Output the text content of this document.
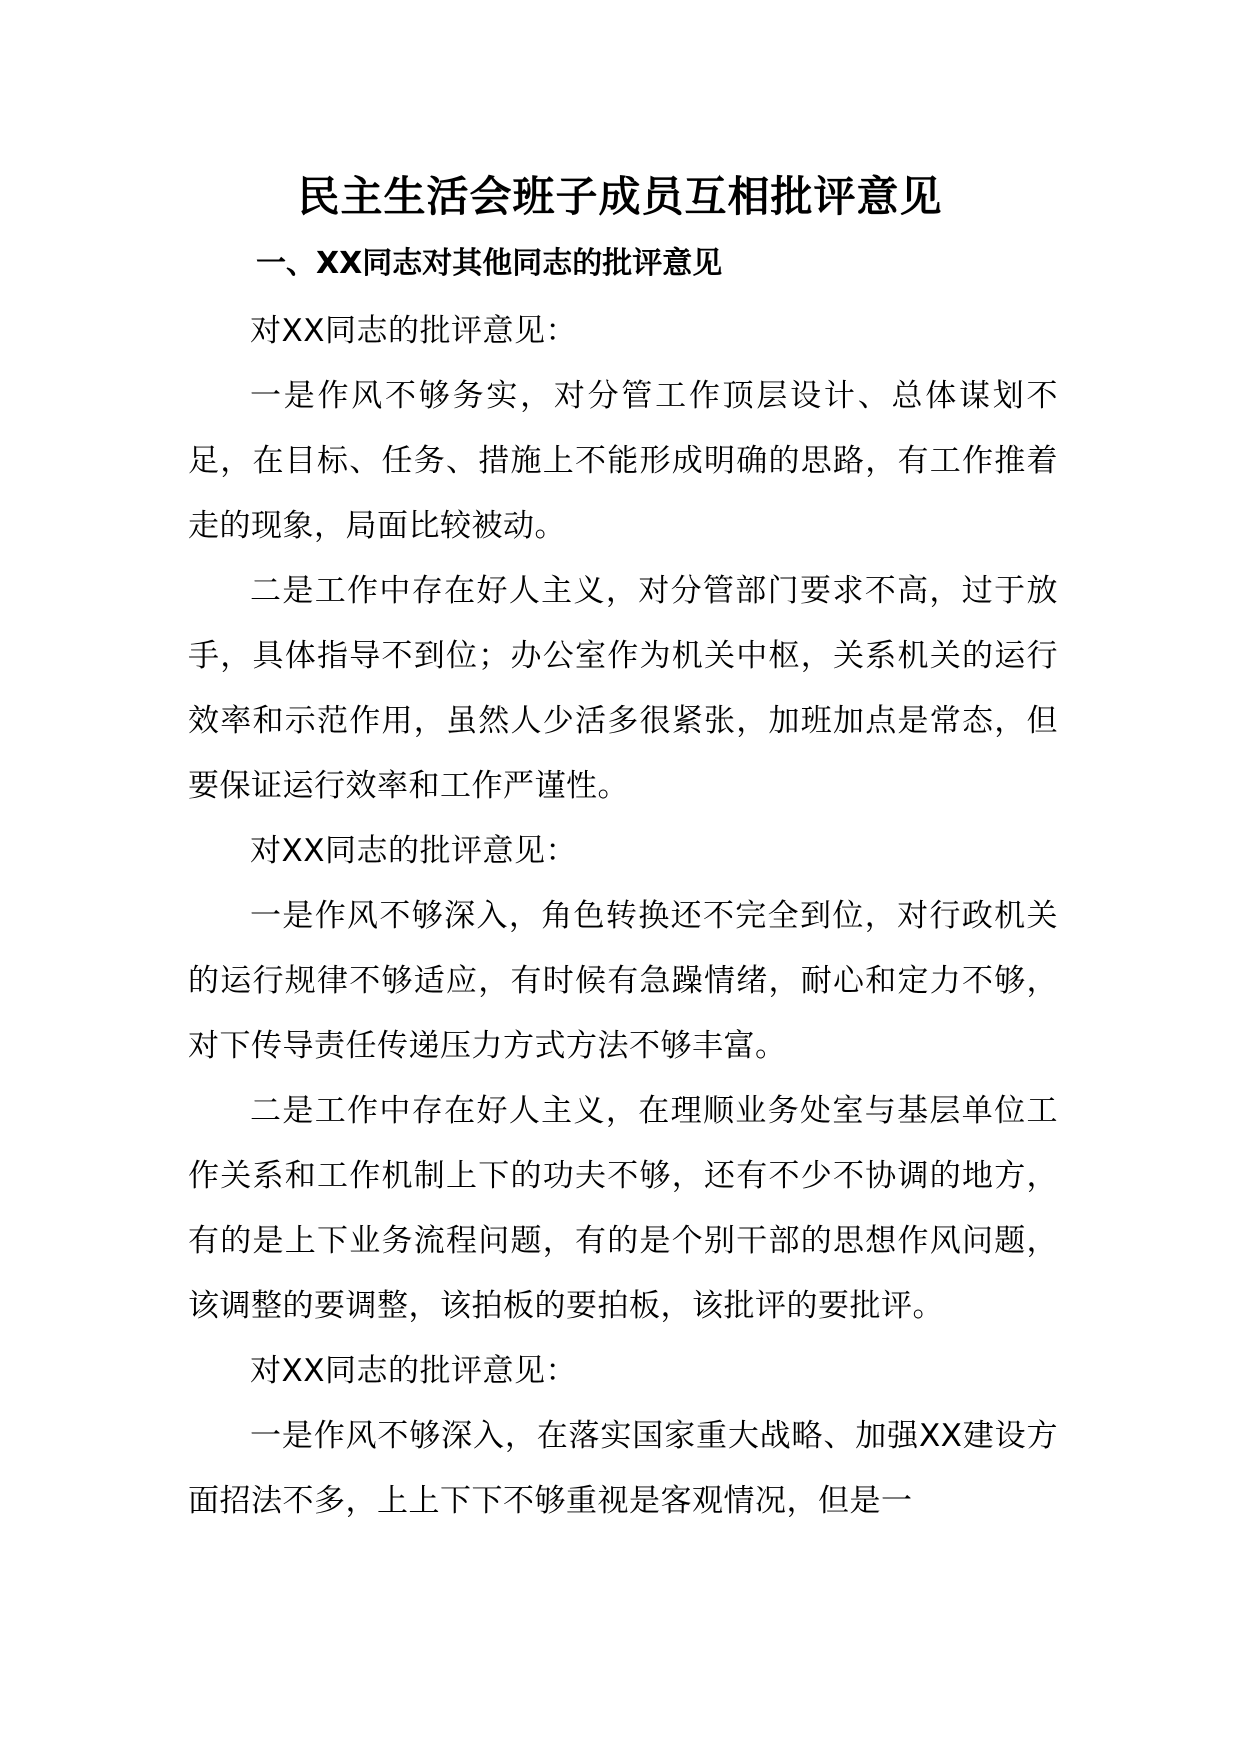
民主生活会班子成员互相批评意见
一、XX同志对其他同志的批评意见

对XX同志的批评意见：

一是作风不够务实，对分管工作顶层设计、总体谋划不足，在目标、任务、措施上不能形成明确的思路，有工作推着走的现象，局面比较被动。

二是工作中存在好人主义，对分管部门要求不高，过于放手，具体指导不到位；办公室作为机关中枢，关系机关的运行效率和示范作用，虽然人少活多很紧张，加班加点是常态，但要保证运行效率和工作严谨性。

对XX同志的批评意见：

一是作风不够深入，角色转换还不完全到位，对行政机关的运行规律不够适应，有时候有急躁情绪，耐心和定力不够，对下传导责任传递压力方式方法不够丰富。

二是工作中存在好人主义，在理顺业务处室与基层单位工作关系和工作机制上下的功夫不够，还有不少不协调的地方，有的是上下业务流程问题，有的是个别干部的思想作风问题，该调整的要调整，该拍板的要拍板，该批评的要批评。

对XX同志的批评意见：

一是作风不够深入，在落实国家重大战略、加强XX建设方面招法不多，上上下下不够重视是客观情况，但是一
